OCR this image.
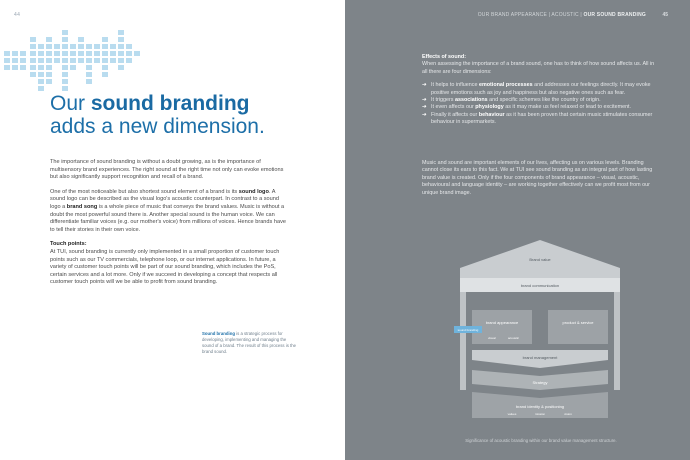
44
Our sound branding
adds a new dimension.

The importance of sound branding is without a doubt growing, as is the importance of multisensory brand experiences. The right sound at the right time not only can evoke emotions but also significantly support recognition and recall of a brand.

One of the most noticeable but also shortest sound element of a brand is its sound logo. A sound logo can be described as the visual logo's acoustic counterpart. In contrast to a sound logo a brand song is a whole piece of music that conveys the brand values. Music is without a doubt the most powerful sound there is. Another special sound is the human voice. We can differentiate familiar voices (e.g. our mother's voice) from millions of voices. Hence brands have to tell their stories in their own voice.

Touch points:

At TUI, sound branding is currently only implemented in a small proportion of customer touch points such as our TV commercials, telephone loop, or our internet applications. In future, a variety of customer touch points will be part of our sound branding, which includes the PoS, certain services and a lot more. Only if we succeed in developing a concept that respects all customer touch points will we be able to profit from sound branding.

Sound branding is a strategic process for developing, implementing and managing the sound of a brand. The result of this process is the brand sound.
OUR BRAND APPEARANCE | ACOUSTIC | OUR SOUND BRANDING	45
Effects of sound:
When assessing the importance of a brand sound, one has to think of how sound affects us. All in all there are four dimensions:
➔ It helps to influence emotional processes and addresses our feelings directly. It may evoke positive emotions such as joy and happiness but also negative ones such as fear.
➔ It triggers associations and specific schemes like the country of origin.
➔ It even affects our physiology as it may make us feel relaxed or lead to excitement.
➔ Finally it affects our behaviour as it has been proven that certain music stimulates consumer behaviour in supermarkets.
Music and sound are important elements of our lives, affecting us on various levels. Branding cannot close its ears to this fact. We at TUI see sound branding as an integral part of how lasting brand value is created. Only if the four components of brand appearance – visual, acoustic, behavioural and language identity – are working together effectively can we profit most from our unique brand image.
Brand value
brand communication
brand appearance
sound branding
visual	acoustic
product & service
brand management
Strategy
brand identity & positioning
values	mission	vision
Significance of acoustic branding within our brand value management structure.
